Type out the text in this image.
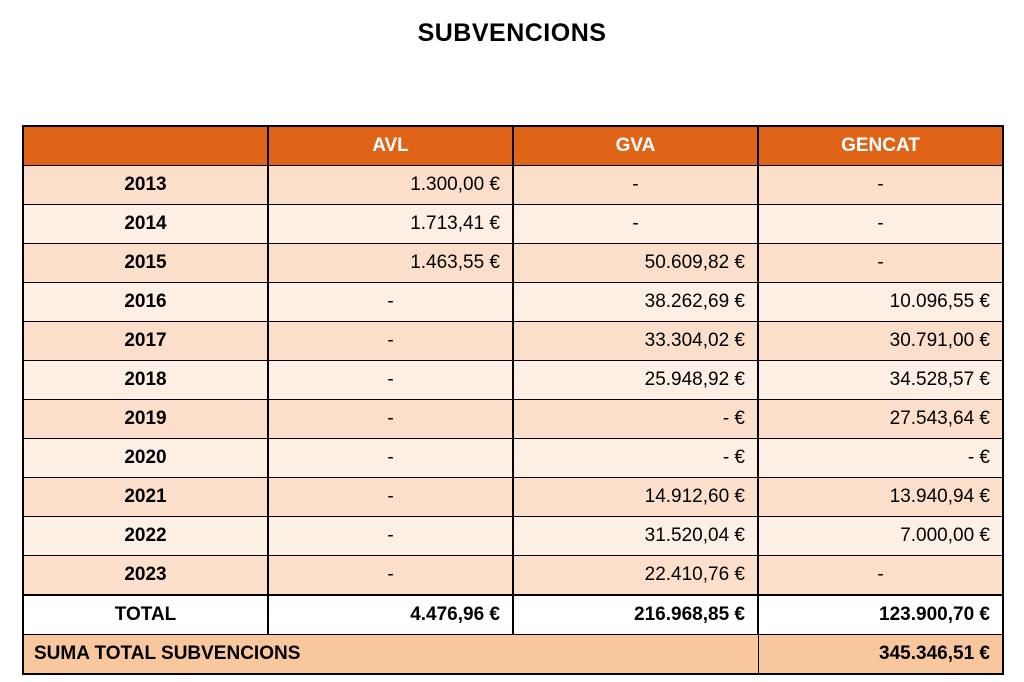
SUBVENCIONS
	AVL	GVA	GENCAT
2013	1.300,00 €	-	-
2014	1.713,41 €	-	-
2015	1.463,55 €	50.609,82 €	-
2016	-	38.262,69 €	10.096,55 €
2017	-	33.304,02 €	30.791,00 €
2018	-	25.948,92 €	34.528,57 €
2019	-	- €	27.543,64 €
2020	-	- €	- €
2021	-	14.912,60 €	13.940,94 €
2022	-	31.520,04 €	7.000,00 €
2023	-	22.410,76 €	-
TOTAL	4.476,96 €	216.968,85 €	123.900,70 €
SUMA TOTAL SUBVENCIONS			345.346,51 €
